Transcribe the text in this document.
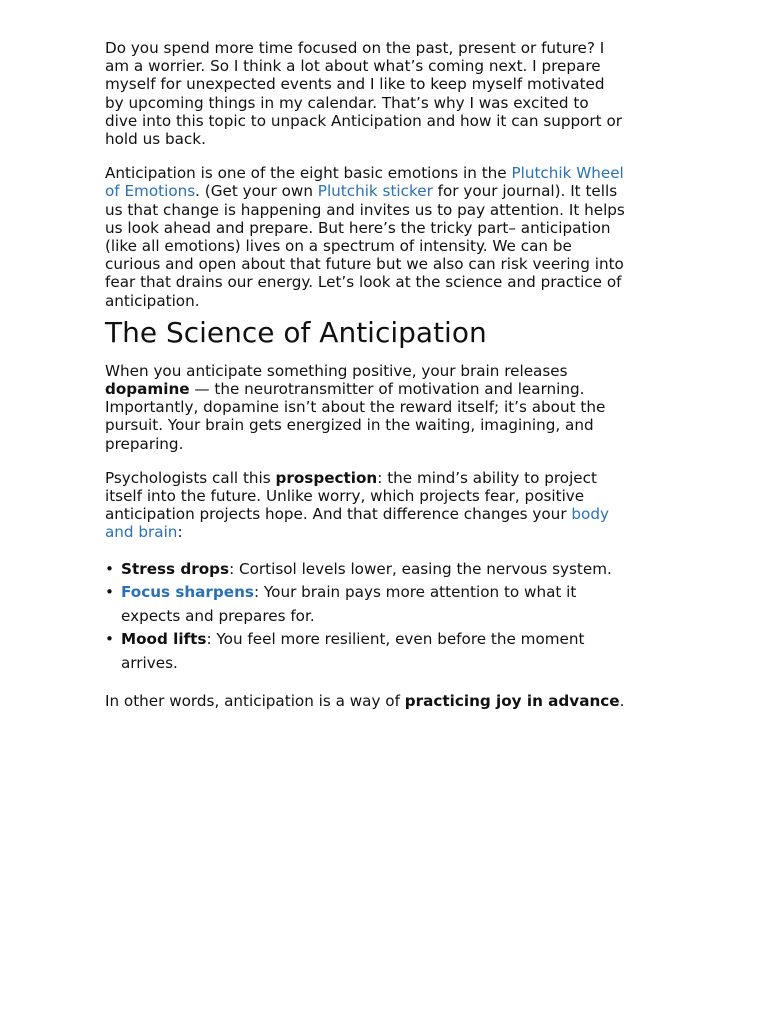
Do you spend more time focused on the past, present or future? I am a worrier. So I think a lot about what’s coming next. I prepare myself for unexpected events and I like to keep myself motivated by upcoming things in my calendar. That’s why I was excited to dive into this topic to unpack Anticipation and how it can support or hold us back.

Anticipation is one of the eight basic emotions in the Plutchik Wheel of Emotions. (Get your own Plutchik sticker for your journal). It tells us that change is happening and invites us to pay attention. It helps us look ahead and prepare. But here’s the tricky part– anticipation (like all emotions) lives on a spectrum of intensity. We can be curious and open about that future but we also can risk veering into fear that drains our energy. Let’s look at the science and practice of anticipation.

The Science of Anticipation

When you anticipate something positive, your brain releases dopamine — the neurotransmitter of motivation and learning. Importantly, dopamine isn’t about the reward itself; it’s about the pursuit. Your brain gets energized in the waiting, imagining, and preparing.

Psychologists call this prospection: the mind’s ability to project itself into the future. Unlike worry, which projects fear, positive anticipation projects hope. And that difference changes your body and brain:

• Stress drops: Cortisol levels lower, easing the nervous system.
• Focus sharpens: Your brain pays more attention to what it expects and prepares for.
• Mood lifts: You feel more resilient, even before the moment arrives.

In other words, anticipation is a way of practicing joy in advance.
